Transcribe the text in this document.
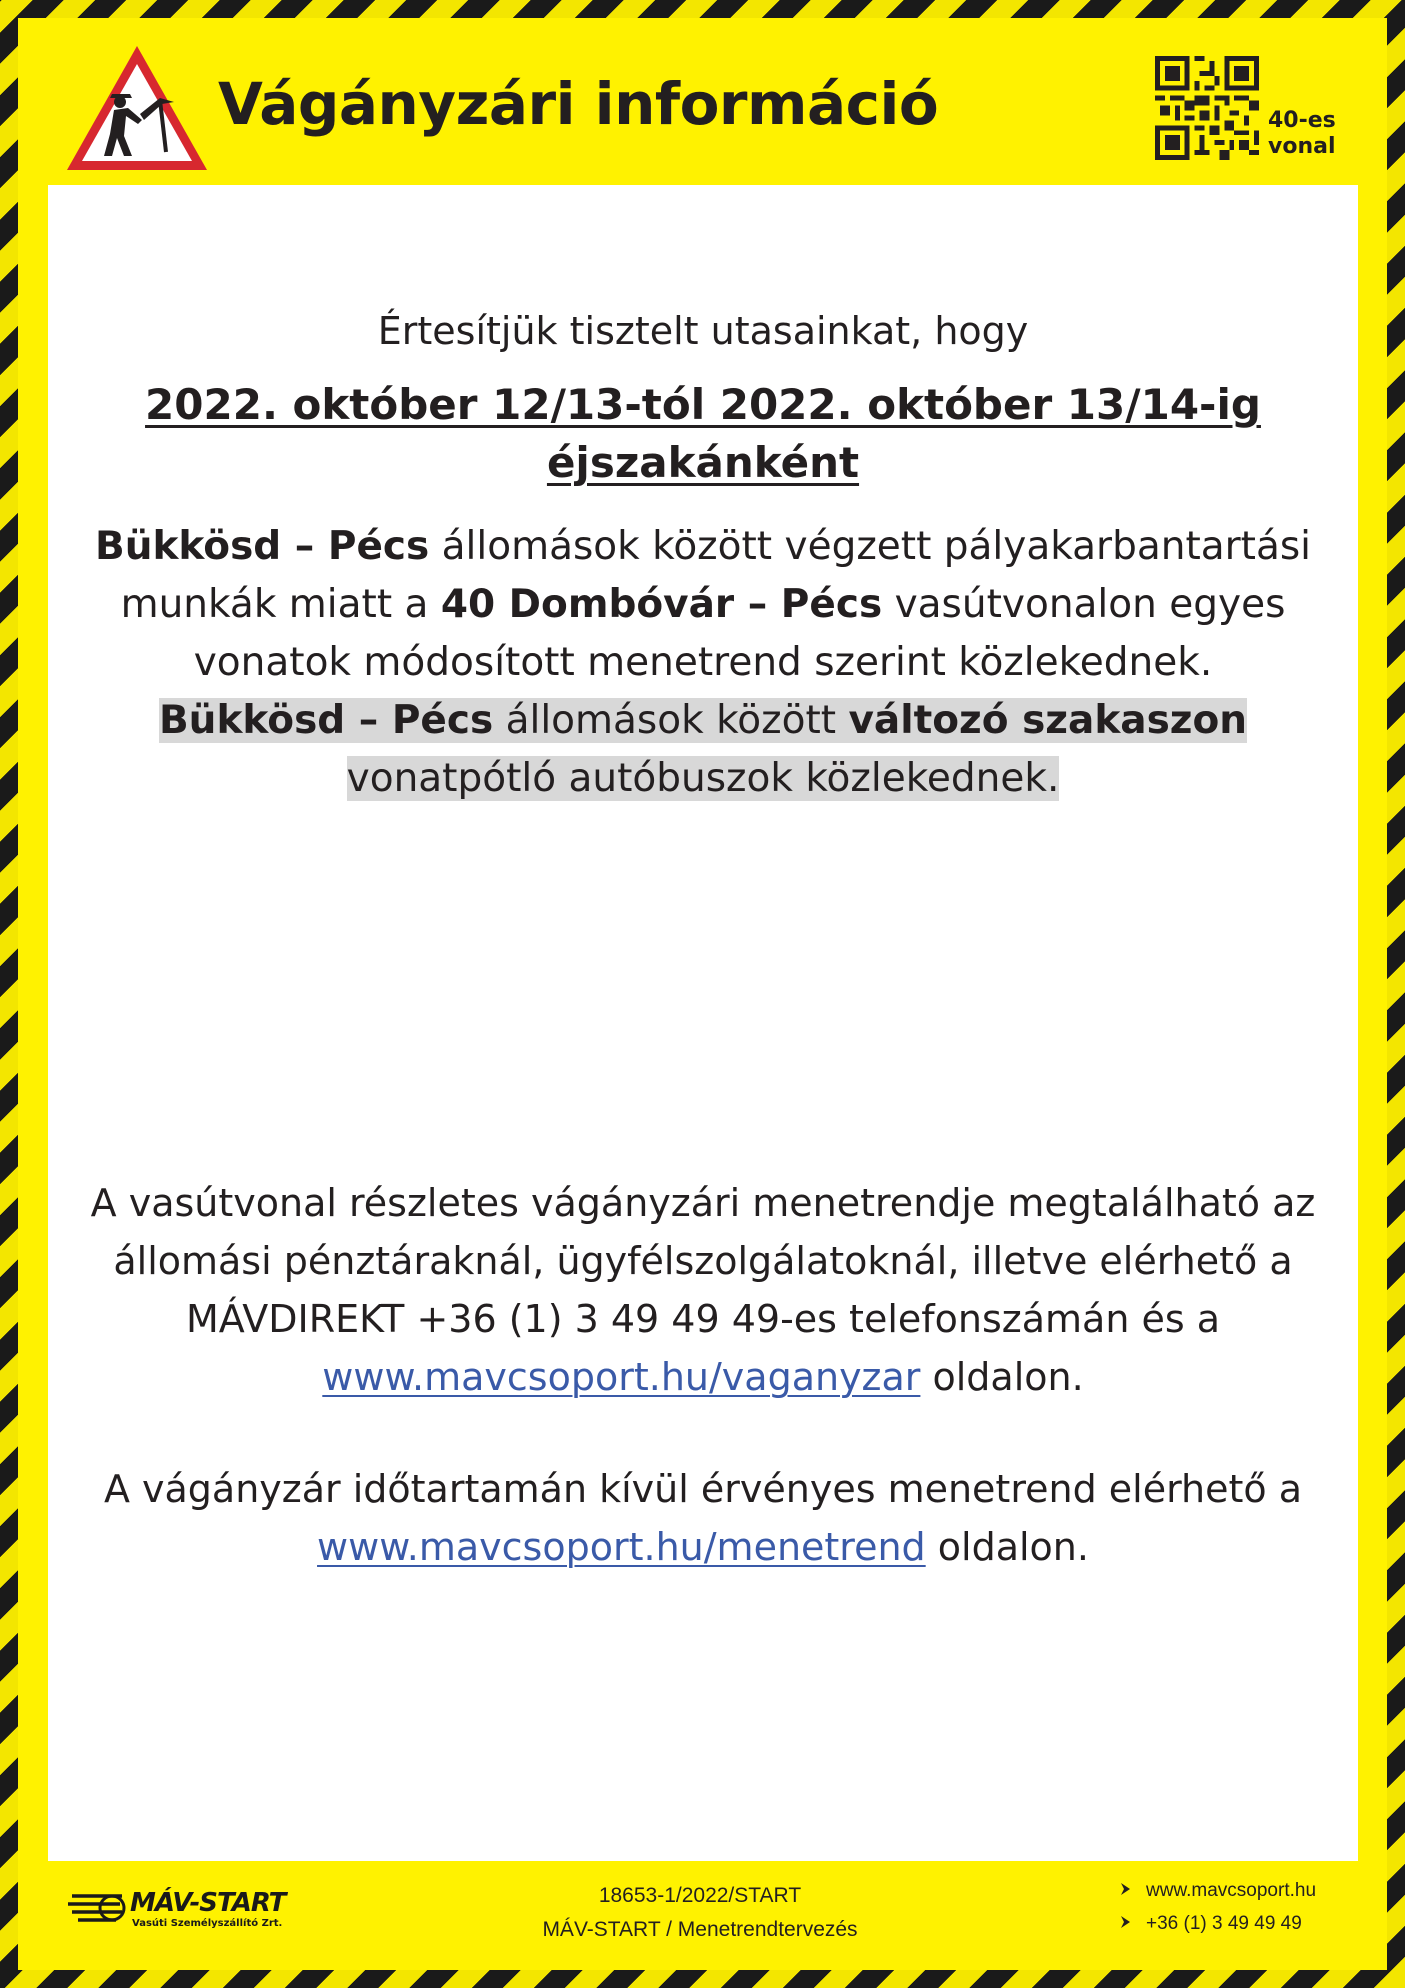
Vágányzári információ	40-es
vonal
Értesítjük tisztelt utasainkat, hogy
2022. október 12/13-tól 2022. október 13/14-ig
éjszakánként
Bükkösd – Pécs állomások között végzett pályakarbantartási
munkák miatt a 40 Dombóvár – Pécs vasútvonalon egyes
vonatok módosított menetrend szerint közlekednek.
Bükkösd – Pécs állomások között változó szakaszon
vonatpótló autóbuszok közlekednek.
A vasútvonal részletes vágányzári menetrendje megtalálható az
állomási pénztáraknál, ügyfélszolgálatoknál, illetve elérhető a
MÁVDIREKT +36 (1) 3 49 49 49-es telefonszámán és a
www.mavcsoport.hu/vaganyzar oldalon.
A vágányzár időtartamán kívül érvényes menetrend elérhető a
www.mavcsoport.hu/menetrend oldalon.
MÁV-START
Vasúti Személyszállító Zrt.
18653-1/2022/START
MÁV-START / Menetrendtervezés
www.mavcsoport.hu
+36 (1) 3 49 49 49
